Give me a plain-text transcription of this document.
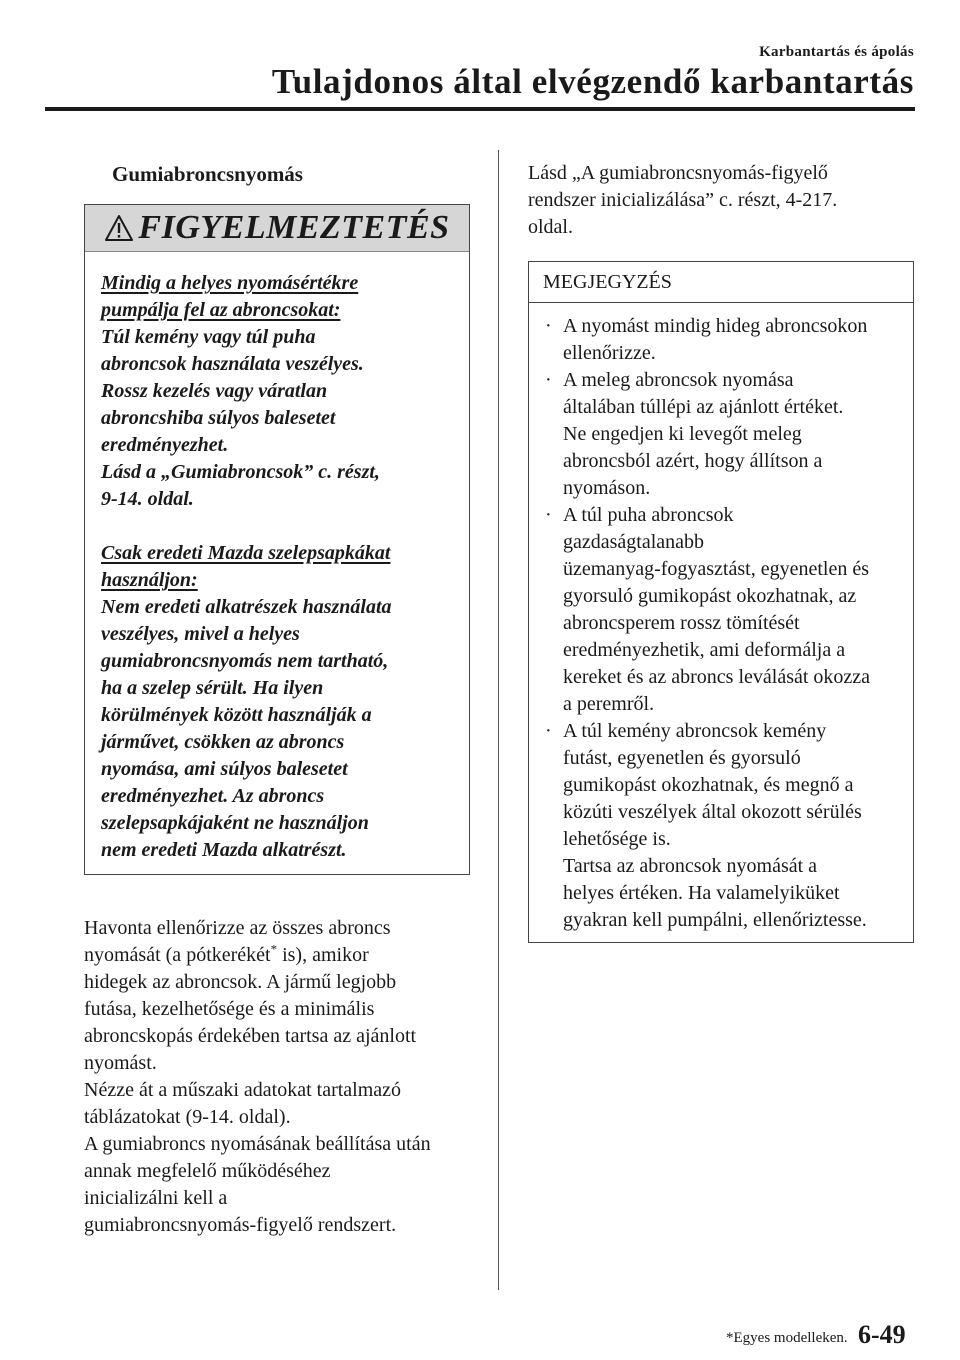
Karbantartás és ápolás
Tulajdonos által elvégzendő karbantartás
Gumiabroncsnyomás
FIGYELMEZTETÉS

Mindig a helyes nyomásértékre

pumpálja fel az abroncsokat:

Túl kemény vagy túl puha

abroncsok használata veszélyes.

Rossz kezelés vagy váratlan

abroncshiba súlyos balesetet

eredményezhet.

Lásd a „Gumiabroncsok” c. részt,

9-14. oldal.

Csak eredeti Mazda szelepsapkákat

használjon:

Nem eredeti alkatrészek használata

veszélyes, mivel a helyes

gumiabroncsnyomás nem tartható,

ha a szelep sérült. Ha ilyen

körülmények között használják a

járművet, csökken az abroncs

nyomása, ami súlyos balesetet

eredményezhet. Az abroncs

szelepsapkájaként ne használjon

nem eredeti Mazda alkatrészt.

Havonta ellenőrizze az összes abroncs

nyomását (a pótkerékét* is), amikor

hidegek az abroncsok. A jármű legjobb

futása, kezelhetősége és a minimális

abroncskopás érdekében tartsa az ajánlott

nyomást.

Nézze át a műszaki adatokat tartalmazó

táblázatokat (9-14. oldal).

A gumiabroncs nyomásának beállítása után

annak megfelelő működéséhez

inicializálni kell a

gumiabroncsnyomás-figyelő rendszert.

Lásd „A gumiabroncsnyomás-figyelő

rendszer inicializálása” c. részt, 4-217.

oldal.

MEGJEGYZÉS
· A nyomást mindig hideg abroncsokon
ellenőrizze.
· A meleg abroncsok nyomása
általában túllépi az ajánlott értéket.
Ne engedjen ki levegőt meleg
abroncsból azért, hogy állítson a
nyomáson.
· A túl puha abroncsok
gazdaságtalanabb
üzemanyag-fogyasztást, egyenetlen és
gyorsuló gumikopást okozhatnak, az
abroncsperem rossz tömítését
eredményezhetik, ami deformálja a
kereket és az abroncs leválását okozza
a peremről.
· A túl kemény abroncsok kemény
futást, egyenetlen és gyorsuló
gumikopást okozhatnak, és megnő a
közúti veszélyek által okozott sérülés
lehetősége is.
Tartsa az abroncsok nyomását a
helyes értéken. Ha valamelyiküket
gyakran kell pumpálni, ellenőriztesse.
*Egyes modelleken. 6-49
